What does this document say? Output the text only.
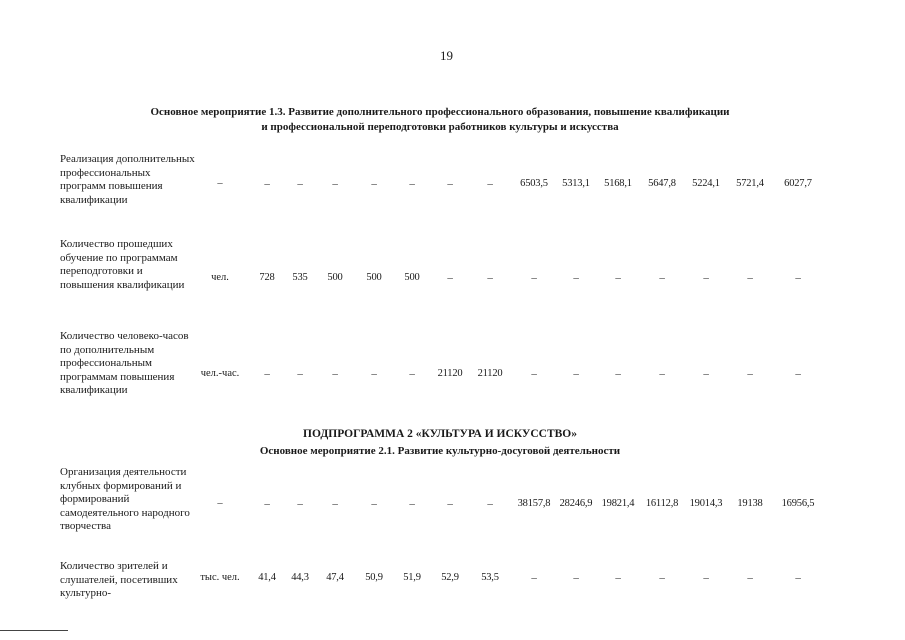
19
Основное мероприятие 1.3. Развитие дополнительного профессионального образования, повышение квалификации
и профессиональной переподготовки работников культуры и искусства
Реализация дополнительных профессиональных программ повышения квалификации
–	–	–	–	–	–	–	–	6503,5	5313,1	5168,1	5647,8	5224,1	5721,4	6027,7
Количество прошедших обучение по программам переподготовки и повышения квалификации
чел.	728	535	500	500	500	–	–	–	–	–	–	–	–	–
Количество человеко-часов по дополнительным профессиональным программам повышения квалификации
чел.-час.	–	–	–	–	–	21120	21120	–	–	–	–	–	–	–
ПОДПРОГРАММА 2 «КУЛЬТУРА И ИСКУССТВО»
Основное мероприятие 2.1. Развитие культурно-досуговой деятельности
Организация деятельности клубных формирований и формирований самодеятельного народного творчества
–	–	–	–	–	–	–	–	38157,8 28246,9 19821,4	16112,8	19014,3	19138	16956,5
Количество зрителей и слушателей, посетивших культурно-
тыс. чел.	41,4	44,3	47,4	50,9	51,9	52,9	53,5	–	–	–	–	–	–	–
